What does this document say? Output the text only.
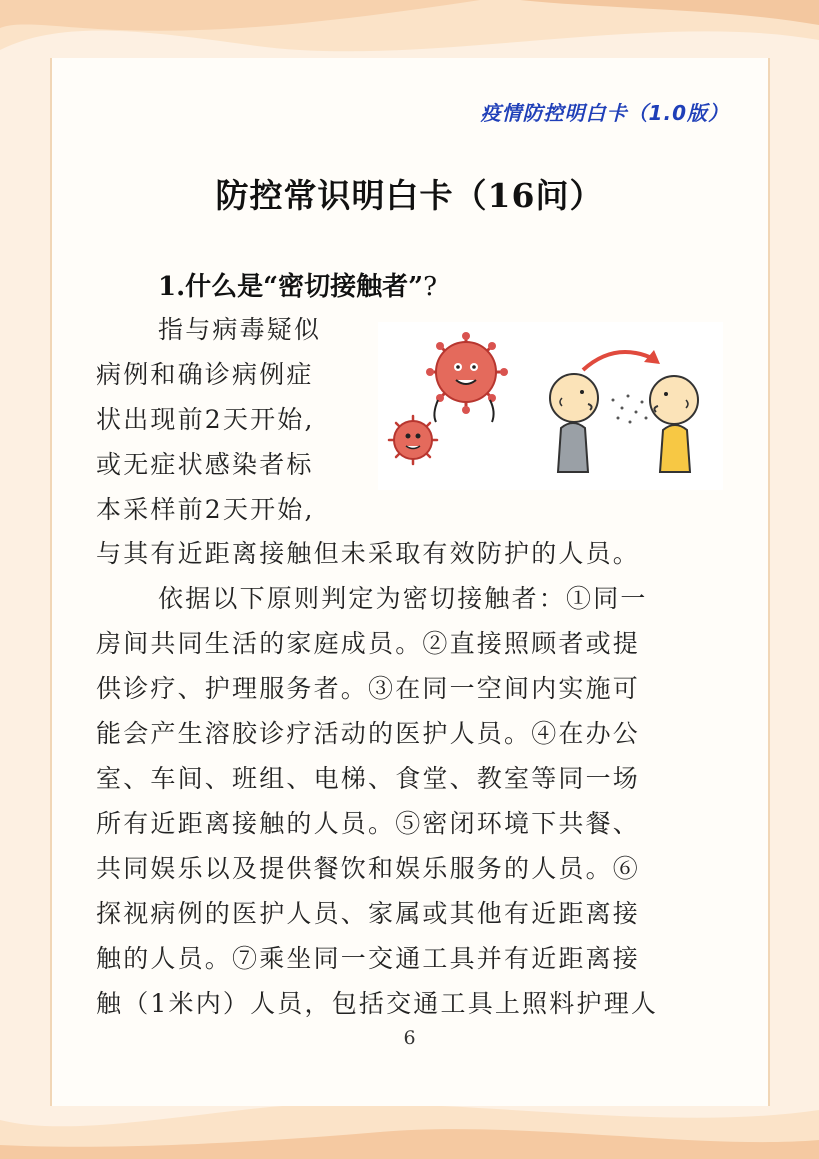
疫情防控明白卡（1.0版）
防控常识明白卡（16问）
1.什么是“密切接触者”?
指与病毒疑似
病例和确诊病例症
状出现前2天开始,
或无症状感染者标
本采样前2天开始,
与其有近距离接触但未采取有效防护的人员。
依据以下原则判定为密切接触者：①同一
房间共同生活的家庭成员。②直接照顾者或提
供诊疗、护理服务者。③在同一空间内实施可
能会产生溶胶诊疗活动的医护人员。④在办公
室、车间、班组、电梯、食堂、教室等同一场
所有近距离接触的人员。⑤密闭环境下共餐、
共同娱乐以及提供餐饮和娱乐服务的人员。⑥
探视病例的医护人员、家属或其他有近距离接
触的人员。⑦乘坐同一交通工具并有近距离接
触（1米内）人员，包括交通工具上照料护理人
6
